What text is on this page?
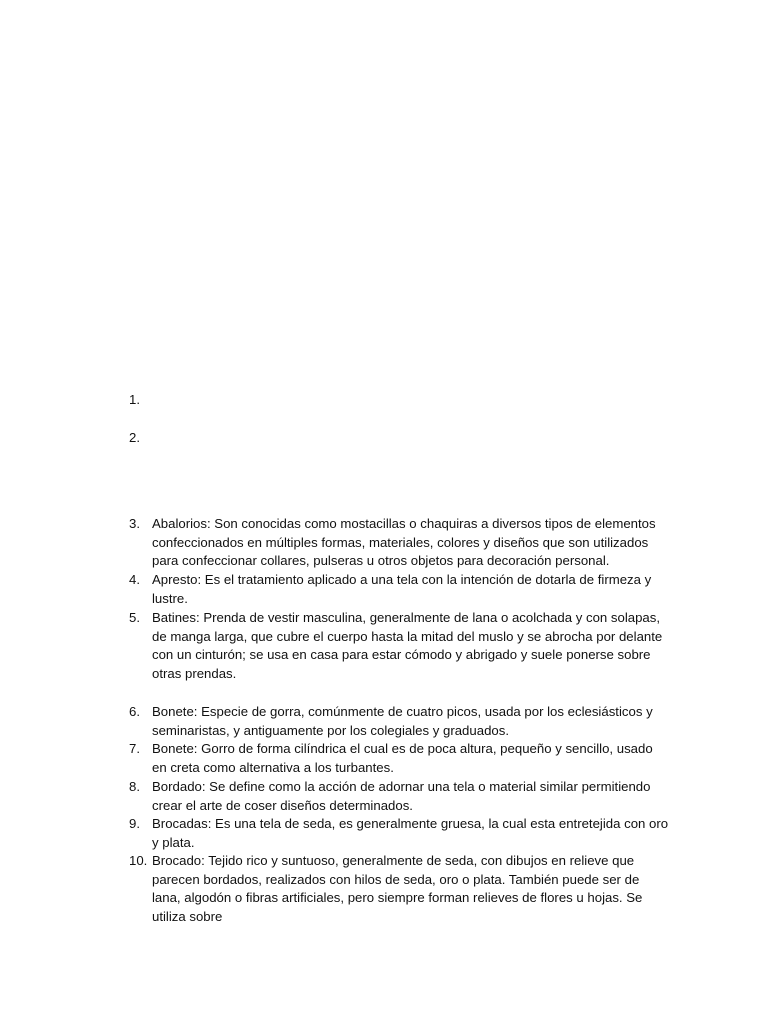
1.
2.
3. Abalorios: Son conocidas como mostacillas o chaquiras a diversos tipos de elementos confeccionados en múltiples formas, materiales, colores y diseños que son utilizados para confeccionar collares, pulseras u otros objetos para decoración personal.
4. Apresto: Es el tratamiento aplicado a una tela con la intención de dotarla de firmeza y lustre.
5. Batines: Prenda de vestir masculina, generalmente de lana o acolchada y con solapas, de manga larga, que cubre el cuerpo hasta la mitad del muslo y se abrocha por delante con un cinturón; se usa en casa para estar cómodo y abrigado y suele ponerse sobre otras prendas.
6. Bonete: Especie de gorra, comúnmente de cuatro picos, usada por los eclesiásticos y seminaristas, y antiguamente por los colegiales y graduados.
7. Bonete: Gorro de forma cilíndrica el cual es de poca altura, pequeño y sencillo, usado en creta como alternativa a los turbantes.
8. Bordado: Se define como la acción de adornar una tela o material similar permitiendo crear el arte de coser diseños determinados.
9. Brocadas: Es una tela de seda, es generalmente gruesa, la cual esta entretejida con oro y plata.
10. Brocado: Tejido rico y suntuoso, generalmente de seda, con dibujos en relieve que parecen bordados, realizados con hilos de seda, oro o plata. También puede ser de lana, algodón o fibras artificiales, pero siempre forman relieves de flores u hojas. Se utiliza sobre
